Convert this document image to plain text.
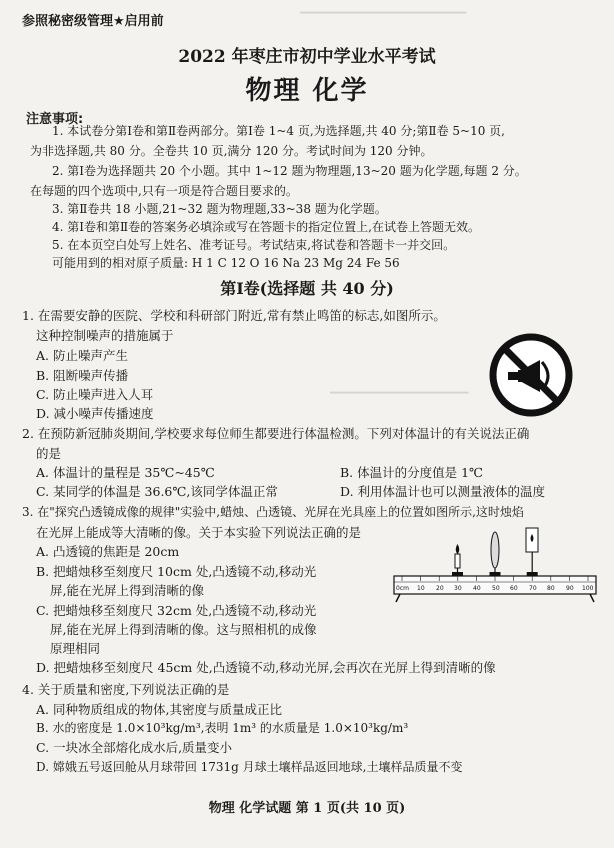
▔▔▔▔▔▔▔▔▔▔▔▔▔▔▔▔▔▔
▔▔▔▔▔▔▔▔▔▔▔▔▔▔▔
参照秘密级管理★启用前
2022 年枣庄市初中学业水平考试
物理 化学
注意事项:
1. 本试卷分第Ⅰ卷和第Ⅱ卷两部分。第Ⅰ卷 1~4 页,为选择题,共 40 分;第Ⅱ卷 5~10 页,
为非选择题,共 80 分。全卷共 10 页,满分 120 分。考试时间为 120 分钟。
2. 第Ⅰ卷为选择题共 20 个小题。其中 1~12 题为物理题,13~20 题为化学题,每题 2 分。
在每题的四个选项中,只有一项是符合题目要求的。
3. 第Ⅱ卷共 18 小题,21~32 题为物理题,33~38 题为化学题。
4. 第Ⅰ卷和第Ⅱ卷的答案务必填涂或写在答题卡的指定位置上,在试卷上答题无效。
5. 在本页空白处写上姓名、准考证号。考试结束,将试卷和答题卡一并交回。
可能用到的相对原子质量: H 1 C 12 O 16 Na 23 Mg 24 Fe 56
第Ⅰ卷(选择题 共 40 分)
1. 在需要安静的医院、学校和科研部门附近,常有禁止鸣笛的标志,如图所示。
这种控制噪声的措施属于
A. 防止噪声产生
B. 阻断噪声传播
C. 防止噪声进入人耳
D. 减小噪声传播速度
2. 在预防新冠肺炎期间,学校要求每位师生都要进行体温检测。下列对体温计的有关说法正确
的是
A. 体温计的量程是 35℃~45℃	B. 体温计的分度值是 1℃
C. 某同学的体温是 36.6℃,该同学体温正常	D. 利用体温计也可以测量液体的温度
3. 在"探究凸透镜成像的规律"实验中,蜡烛、凸透镜、光屏在光具座上的位置如图所示,这时烛焰
在光屏上能成等大清晰的像。关于本实验下列说法正确的是
A. 凸透镜的焦距是 20cm
B. 把蜡烛移至刻度尺 10cm 处,凸透镜不动,移动光
屏,能在光屏上得到清晰的像
C. 把蜡烛移至刻度尺 32cm 处,凸透镜不动,移动光
屏,能在光屏上得到清晰的像。这与照相机的成像
原理相同
D. 把蜡烛移至刻度尺 45cm 处,凸透镜不动,移动光屏,会再次在光屏上得到清晰的像
0cm 10 20 30 40 50 60 70 80 90 100
4. 关于质量和密度,下列说法正确的是
A. 同种物质组成的物体,其密度与质量成正比
B. 水的密度是 1.0×10³kg/m³,表明 1m³ 的水质量是 1.0×10³kg/m³
C. 一块冰全部熔化成水后,质量变小
D. 嫦娥五号返回舱从月球带回 1731g 月球土壤样品返回地球,土壤样品质量不变
物理 化学试题 第 1 页(共 10 页)
